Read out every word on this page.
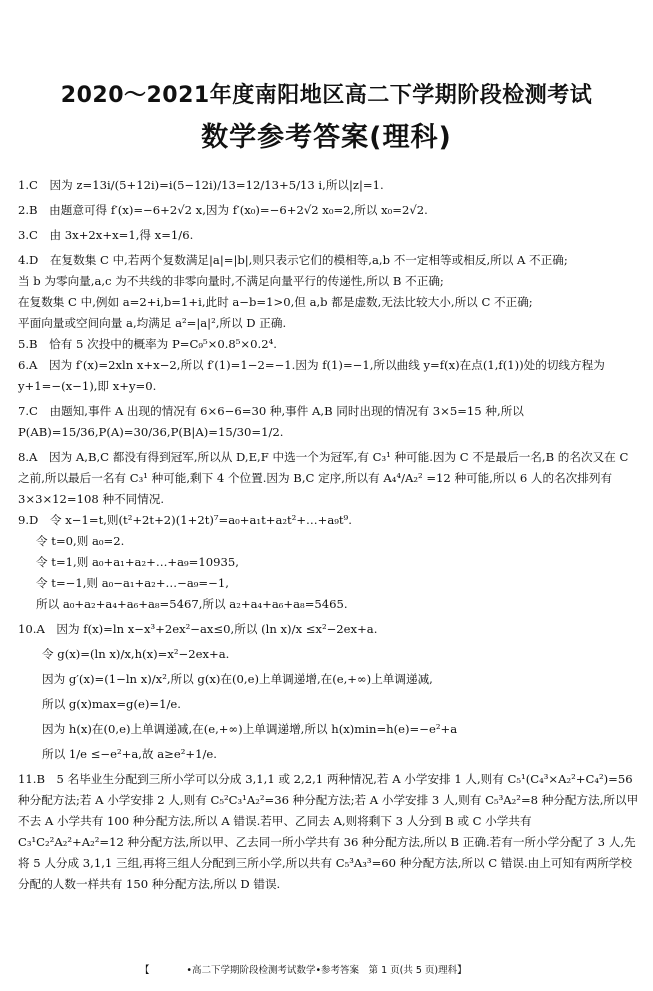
2020～2021年度南阳地区高二下学期阶段检测考试
数学参考答案(理科)

1.C　因为 z=13i/(5+12i)=i(5−12i)/13=12/13+5/13 i,所以|z|=1.

2.B　由题意可得 f′(x)=−6+2√2 x,因为 f′(x₀)=−6+2√2 x₀=2,所以 x₀=2√2.

3.C　由 3x+2x+x=1,得 x=1/6.

4.D　在复数集 C 中,若两个复数满足|a|=|b|,则只表示它们的模相等,a,b 不一定相等或相反,所以 A 不正确;

当 b 为零向量,a,c 为不共线的非零向量时,不满足向量平行的传递性,所以 B 不正确;

在复数集 C 中,例如 a=2+i,b=1+i,此时 a−b=1>0,但 a,b 都是虚数,无法比较大小,所以 C 不正确;

平面向量或空间向量 a,均满足 a²=|a|²,所以 D 正确.

5.B　恰有 5 次投中的概率为 P=C₉⁵×0.8⁵×0.2⁴.

6.A　因为 f′(x)=2xln x+x−2,所以 f′(1)=1−2=−1.因为 f(1)=−1,所以曲线 y=f(x)在点(1,f(1))处的切线方程为 y+1=−(x−1),即 x+y=0.

7.C　由题知,事件 A 出现的情况有 6×6−6=30 种,事件 A,B 同时出现的情况有 3×5=15 种,所以 P(AB)=15/36,P(A)=30/36,P(B|A)=15/30=1/2.

8.A　因为 A,B,C 都没有得到冠军,所以从 D,E,F 中选一个为冠军,有 C₃¹ 种可能.因为 C 不是最后一名,B 的名次又在 C 之前,所以最后一名有 C₃¹ 种可能,剩下 4 个位置.因为 B,C 定序,所以有 A₄⁴/A₂² =12 种可能,所以 6 人的名次排列有 3×3×12=108 种不同情况.

9.D　令 x−1=t,则(t²+2t+2)(1+2t)⁷=a₀+a₁t+a₂t²+…+a₉t⁹.

令 t=0,则 a₀=2.

令 t=1,则 a₀+a₁+a₂+…+a₉=10935,

令 t=−1,则 a₀−a₁+a₂+…−a₉=−1,

所以 a₀+a₂+a₄+a₆+a₈=5467,所以 a₂+a₄+a₆+a₈=5465.

10.A　因为 f(x)=ln x−x³+2ex²−ax≤0,所以 (ln x)/x ≤x²−2ex+a.

令 g(x)=(ln x)/x,h(x)=x²−2ex+a.

因为 g′(x)=(1−ln x)/x²,所以 g(x)在(0,e)上单调递增,在(e,+∞)上单调递减,

所以 g(x)max=g(e)=1/e.

因为 h(x)在(0,e)上单调递减,在(e,+∞)上单调递增,所以 h(x)min=h(e)=−e²+a

所以 1/e ≤−e²+a,故 a≥e²+1/e.

11.B　5 名毕业生分配到三所小学可以分成 3,1,1 或 2,2,1 两种情况,若 A 小学安排 1 人,则有 C₅¹(C₄³×A₂²+C₄²)=56 种分配方法;若 A 小学安排 2 人,则有 C₅²C₃¹A₂²=36 种分配方法;若 A 小学安排 3 人,则有 C₅³A₂²=8 种分配方法,所以甲不去 A 小学共有 100 种分配方法,所以 A 错误.若甲、乙同去 A,则将剩下 3 人分到 B 或 C 小学共有 C₃¹C₂²A₂²+A₂²=12 种分配方法,所以甲、乙去同一所小学共有 36 种分配方法,所以 B 正确.若有一所小学分配了 3 人,先将 5 人分成 3,1,1 三组,再将三组人分配到三所小学,所以共有 C₅³A₃³=60 种分配方法,所以 C 错误.由上可知有两所学校分配的人数一样共有 150 种分配方法,所以 D 错误.

【	•高二下学期阶段检测考试数学•参考答案　第 1 页(共 5 页)理科】
